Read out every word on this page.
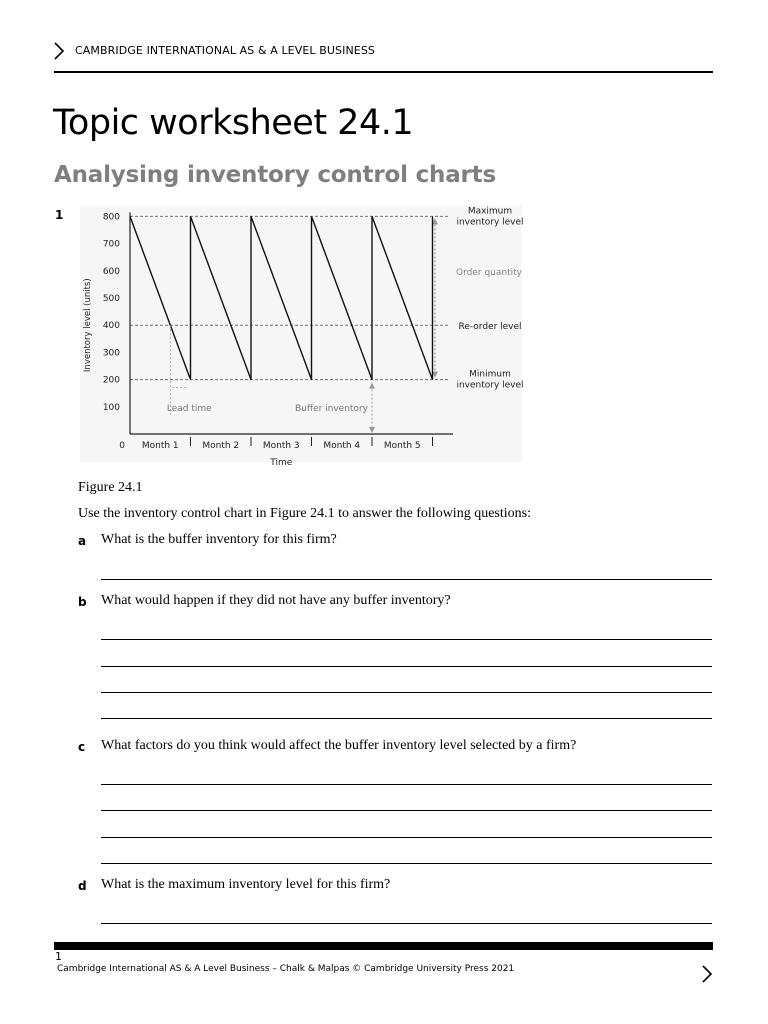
CAMBRIDGE INTERNATIONAL AS & A LEVEL BUSINESS
Topic worksheet 24.1
Analysing inventory control charts
1	Maximum
inventory level
Re-order level
Minimum
inventory level
Order quantity
100
200
300
400
500
600
700
800
0
Inventory level (units)
Month 1	Month 2	Month 3	Month 4	Month 5
Time
Lead time	Buffer inventory
Figure 24.1
Use the inventory control chart in Figure 24.1 to answer the following questions:
a What is the buffer inventory for this firm?
b What would happen if they did not have any buffer inventory?
c What factors do you think would affect the buffer inventory level selected by a firm?
d What is the maximum inventory level for this firm?
1
Cambridge International AS & A Level Business – Chalk & Malpas © Cambridge University Press 2021
